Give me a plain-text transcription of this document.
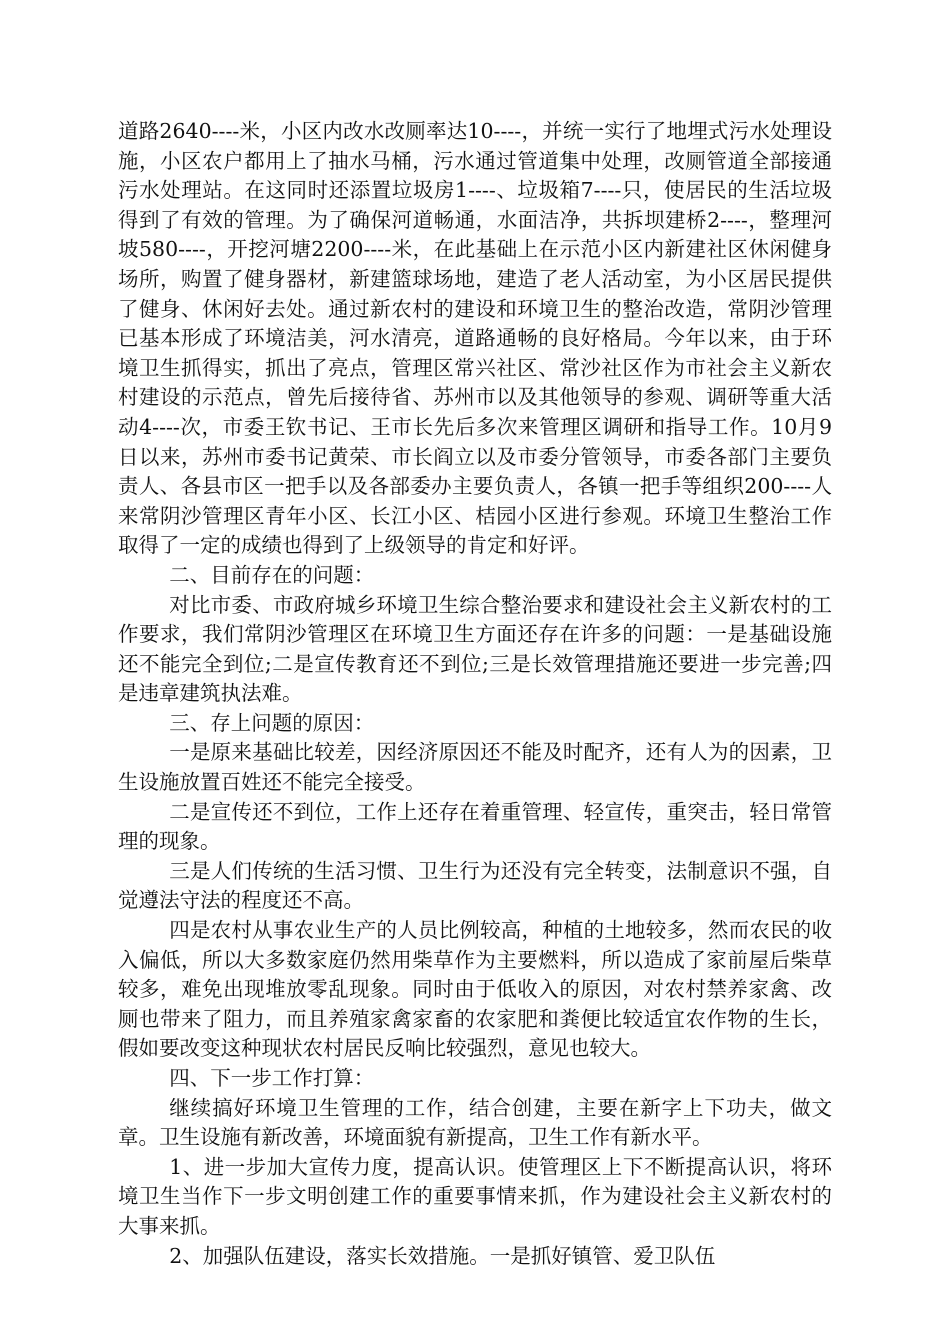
道路2640----米，小区内改水改厕率达10----，并统一实行了地埋式污水处理设施，小区农户都用上了抽水马桶，污水通过管道集中处理，改厕管道全部接通污水处理站。在这同时还添置垃圾房1----、垃圾箱7----只，使居民的生活垃圾得到了有效的管理。为了确保河道畅通，水面洁净，共拆坝建桥2----，整理河坡580----，开挖河塘2200----米，在此基础上在示范小区内新建社区休闲健身场所，购置了健身器材，新建篮球场地，建造了老人活动室，为小区居民提供了健身、休闲好去处。通过新农村的建设和环境卫生的整治改造，常阴沙管理已基本形成了环境洁美，河水清亮，道路通畅的良好格局。今年以来，由于环境卫生抓得实，抓出了亮点，管理区常兴社区、常沙社区作为市社会主义新农村建设的示范点，曾先后接待省、苏州市以及其他领导的参观、调研等重大活动4----次，市委王钦书记、王市长先后多次来管理区调研和指导工作。10月9日以来，苏州市委书记黄荣、市长阎立以及市委分管领导，市委各部门主要负责人、各县市区一把手以及各部委办主要负责人，各镇一把手等组织200----人来常阴沙管理区青年小区、长江小区、桔园小区进行参观。环境卫生整治工作取得了一定的成绩也得到了上级领导的肯定和好评。

二、目前存在的问题：

对比市委、市政府城乡环境卫生综合整治要求和建设社会主义新农村的工作要求，我们常阴沙管理区在环境卫生方面还存在许多的问题：一是基础设施还不能完全到位;二是宣传教育还不到位;三是长效管理措施还要进一步完善;四是违章建筑执法难。

三、存上问题的原因：

一是原来基础比较差，因经济原因还不能及时配齐，还有人为的因素，卫生设施放置百姓还不能完全接受。

二是宣传还不到位，工作上还存在着重管理、轻宣传，重突击，轻日常管理的现象。

三是人们传统的生活习惯、卫生行为还没有完全转变，法制意识不强，自觉遵法守法的程度还不高。

四是农村从事农业生产的人员比例较高，种植的土地较多，然而农民的收入偏低，所以大多数家庭仍然用柴草作为主要燃料，所以造成了家前屋后柴草较多，难免出现堆放零乱现象。同时由于低收入的原因，对农村禁养家禽、改厕也带来了阻力，而且养殖家禽家畜的农家肥和粪便比较适宜农作物的生长，假如要改变这种现状农村居民反响比较强烈，意见也较大。

四、下一步工作打算：

继续搞好环境卫生管理的工作，结合创建，主要在新字上下功夫，做文章。卫生设施有新改善，环境面貌有新提高，卫生工作有新水平。

1、进一步加大宣传力度，提高认识。使管理区上下不断提高认识，将环境卫生当作下一步文明创建工作的重要事情来抓，作为建设社会主义新农村的大事来抓。

2、加强队伍建设，落实长效措施。一是抓好镇管、爱卫队伍
